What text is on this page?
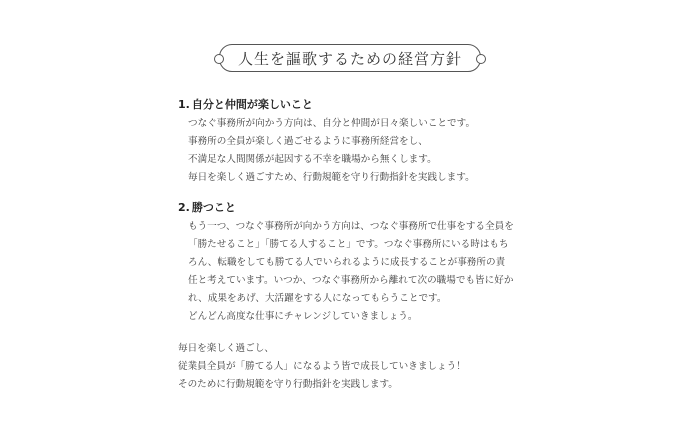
人生を謳歌するための経営方針
1. 自分と仲間が楽しいこと
つなぐ事務所が向かう方向は、自分と仲間が日々楽しいことです。
事務所の全員が楽しく過ごせるように事務所経営をし、
不満足な人間関係が起因する不幸を職場から無くします。
毎日を楽しく過ごすため、行動規範を守り行動指針を実践します。
2. 勝つこと
もう一つ、つなぐ事務所が向かう方向は、つなぐ事務所で仕事をする全員を
「勝たせること」「勝てる人すること」です。つなぐ事務所にいる時はもち
ろん、転職をしても勝てる人でいられるように成長することが事務所の責
任と考えています。いつか、つなぐ事務所から離れて次の職場でも皆に好か
れ、成果をあげ、大活躍をする人になってもらうことです。
どんどん高度な仕事にチャレンジしていきましょう。
毎日を楽しく過ごし、
従業員全員が「勝てる人」になるよう皆で成長していきましょう！
そのために行動規範を守り行動指針を実践します。
